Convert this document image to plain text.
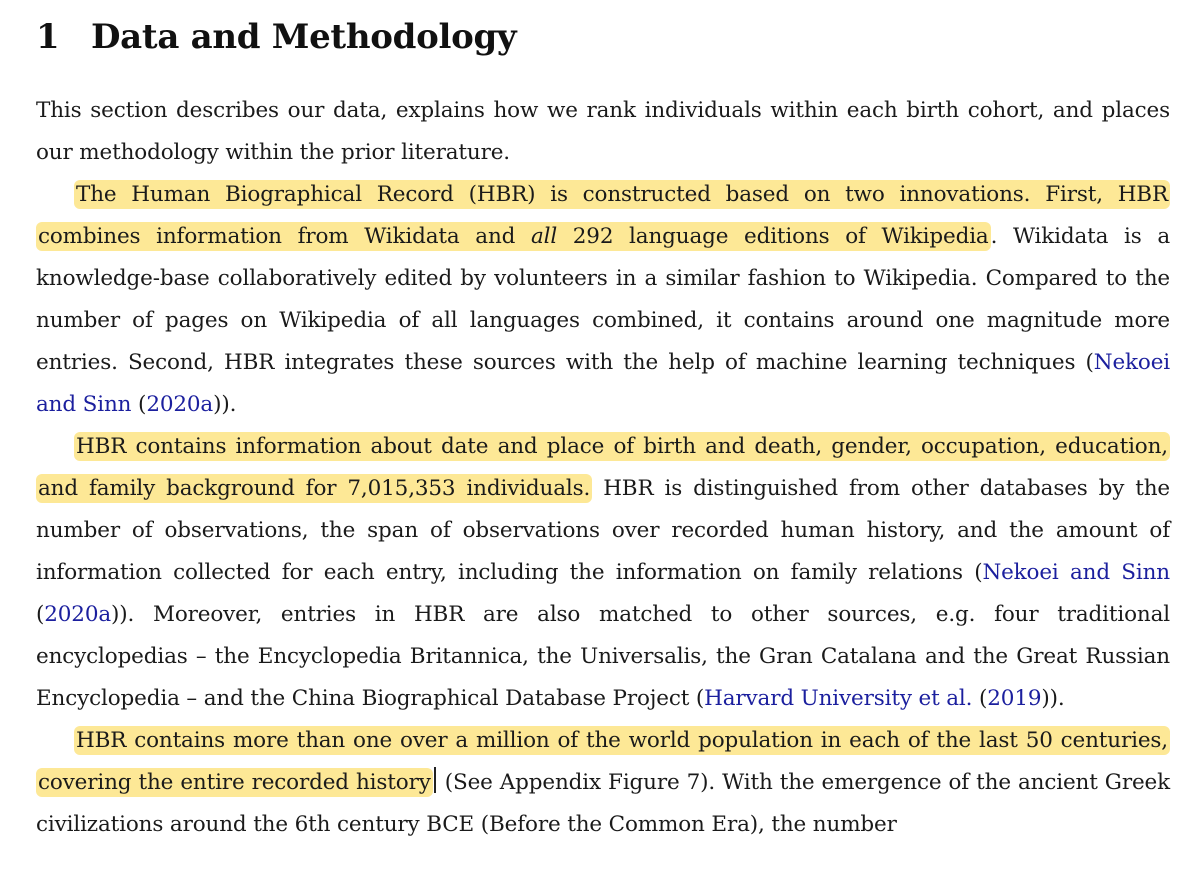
1 Data and Methodology

This section describes our data, explains how we rank individuals within each birth cohort, and places our methodology within the prior literature.

The Human Biographical Record (HBR) is constructed based on two innovations. First, HBR combines information from Wikidata and all 292 language editions of Wikipedia. Wikidata is a knowledge-base collaboratively edited by volunteers in a similar fashion to Wikipedia. Compared to the number of pages on Wikipedia of all languages combined, it contains around one magnitude more entries. Second, HBR integrates these sources with the help of machine learning techniques (Nekoei and Sinn (2020a)).

HBR contains information about date and place of birth and death, gender, occupation, education, and family background for 7,015,353 individuals. HBR is distinguished from other databases by the number of observations, the span of observations over recorded human history, and the amount of information collected for each entry, including the information on family relations (Nekoei and Sinn (2020a)). Moreover, entries in HBR are also matched to other sources, e.g. four traditional encyclopedias – the Encyclopedia Britannica, the Universalis, the Gran Catalana and the Great Russian Encyclopedia – and the China Biographical Database Project (Harvard University et al. (2019)).

HBR contains more than one over a million of the world population in each of the last 50 centuries, covering the entire recorded history (See Appendix Figure 7). With the emergence of the ancient Greek civilizations around the 6th century BCE (Before the Common Era), the number
